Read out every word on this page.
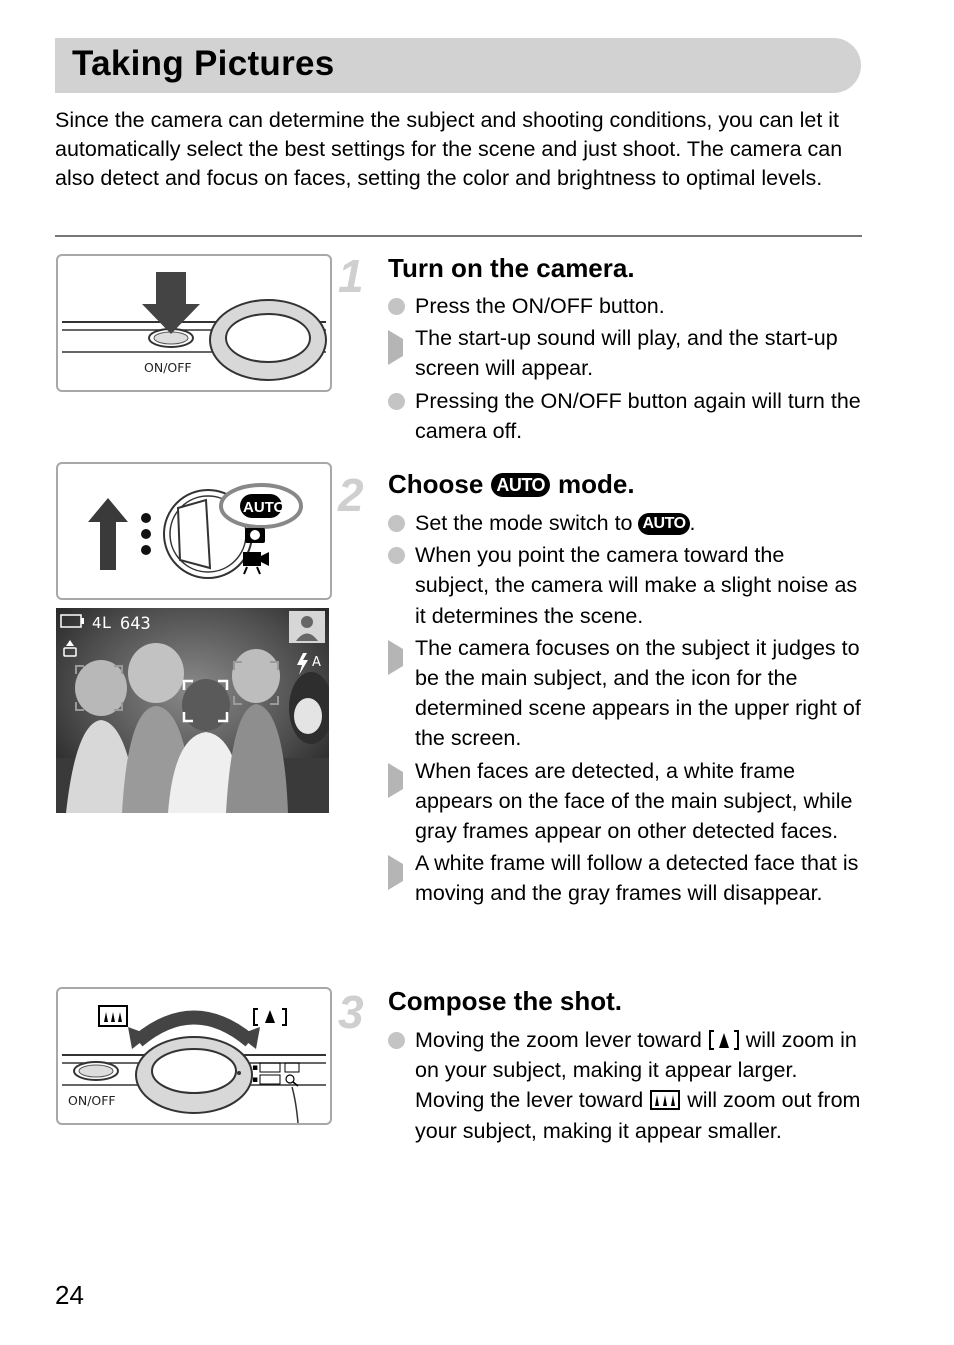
Taking Pictures

Since the camera can determine the subject and shooting conditions, you can let it automatically select the best settings for the scene and just shoot. The camera can also detect and focus on faces, setting the color and brightness to optimal levels.

ON/OFF
AUTO
4 L 643
A
▪
▪
ON/OFF
1 Turn on the camera.
Press the ON/OFF button.
The start-up sound will play, and the start-up screen will appear.
Pressing the ON/OFF button again will turn the camera off.
2 Choose AUTO mode.
Set the mode switch to AUTO .
When you point the camera toward the subject, the camera will make a slight noise as it determines the scene.
The camera focuses on the subject it judges to be the main subject, and the icon for the determined scene appears in the upper right of the screen.
When faces are detected, a white frame appears on the face of the main subject, while gray frames appear on other detected faces.
A white frame will follow a detected face that is moving and the gray frames will disappear.
3 Compose the shot.
Moving the zoom lever toward will zoom in on your subject, making it appear larger. Moving the lever toward will zoom out from your subject, making it appear smaller.
24
